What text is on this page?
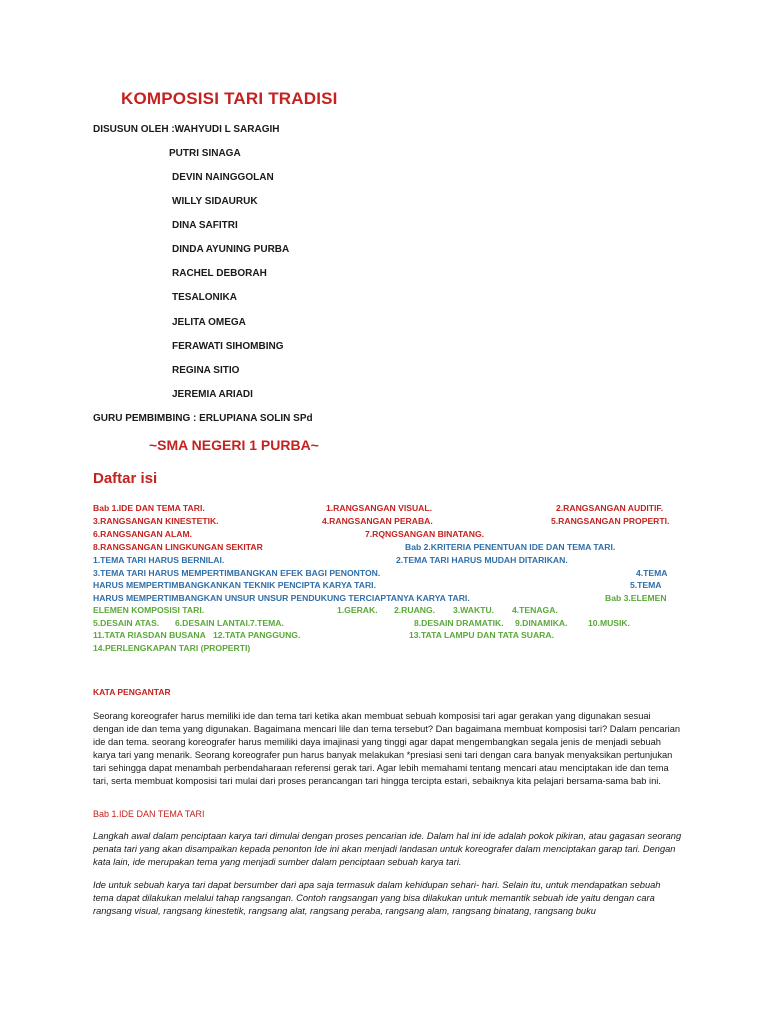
KOMPOSISI TARI TRADISI
DISUSUN OLEH :WAHYUDI L SARAGIH
PUTRI SINAGA
DEVIN NAINGGOLAN
WILLY SIDAURUK
DINA SAFITRI
DINDA AYUNING PURBA
RACHEL DEBORAH
TESALONIKA
JELITA OMEGA
FERAWATI SIHOMBING
REGINA SITIO
JEREMIA ARIADI
GURU PEMBIMBING : ERLUPIANA SOLIN SPd
~SMA NEGERI 1 PURBA~
Daftar isi
Bab 1.IDE DAN TEMA TARI.	1.RANGSANGAN VISUAL.	2.RANGSANGAN AUDITIF.
3.RANGSANGAN KINESTETIK.	4.RANGSANGAN PERABA.	5.RANGSANGAN PROPERTI.
6.RANGSANGAN ALAM.	7.RQNGSANGAN BINATANG.
8.RANGSANGAN LINGKUNGAN SEKITAR	Bab 2.KRITERIA PENENTUAN IDE DAN TEMA TARI.
1.TEMA TARI HARUS BERNILAI.	2.TEMA TARI HARUS MUDAH DITARIKAN.
3.TEMA TARI HARUS MEMPERTIMBANGKAN EFEK BAGI PENONTON.	4.TEMA
HARUS MEMPERTIMBANGKANKAN TEKNIK PENCIPTA KARYA TARI.	5.TEMA
HARUS MEMPERTIMBANGKAN UNSUR UNSUR PENDUKUNG TERCIAPTANYA KARYA TARI.	Bab 3.ELEMEN
ELEMEN KOMPOSISI TARI.	1.GERAK. 2.RUANG. 3.WAKTU. 4.TENAGA.
5.DESAIN ATAS. 6.DESAIN LANTAI. 7.TEMA.	8.DESAIN DRAMATIK. 9.DINAMIKA. 10.MUSIK.
11.TATA RIASDAN BUSANA 12.TATA PANGGUNG.	13.TATA LAMPU DAN TATA SUARA.
14.PERLENGKAPAN TARI (PROPERTI)
KATA PENGANTAR

Seorang koreografer harus memiliki ide dan tema tari ketika akan membuat sebuah komposisi tari agar gerakan yang digunakan sesuai dengan ide dan tema yang digunakan. Bagaimana mencari lile dan tema tersebut? Dan bagaimana membuat komposisi tari? Dalam pencarian ide dan tema. seorang koreografer harus memiliki daya imajinasi yang tinggi agar dapat mengembangkan segala jenis de menjadi sebuah karya tari yang menarik. Seorang koreografer pun harus banyak melakukan *presiasi seni tari dengan cara banyak menyaksikan pertunjukan tari sehingga dapat menambah perbendaharaan referensi gerak tari. Agar lebih memahami tentang mencari atau menciptakan ide dan tema tari, serta membuat komposisi tari mulai dari proses perancangan tari hingga tercipta estari, sebaiknya kita pelajari bersama-sama bab ini.

Bab 1.IDE DAN TEMA TARI

Langkah awal dalam penciptaan karya tari dimulai dengan proses pencarian ide. Dalam hal ini ide adalah pokok pikiran, atau gagasan seorang penata tari yang akan disampaikan kepada penonton Ide ini akan menjadi landasan untuk koreografer dalam menciptakan garap tari. Dengan kata lain, ide merupakan tema yang menjadi sumber dalam penciptaan sebuah karya tari.

Ide untuk sebuah karya tari dapat bersumber dari apa saja termasuk dalam kehidupan sehari- hari. Selain itu, untuk mendapatkan sebuah tema dapat dilakukan melalui tahap rangsangan. Contoh rangsangan yang bisa dilakukan untuk memantik sebuah ide yaitu dengan cara rangsang visual, rangsang kinestetik, rangsang alat, rangsang peraba, rangsang alam, rangsang binatang, rangsang buku
